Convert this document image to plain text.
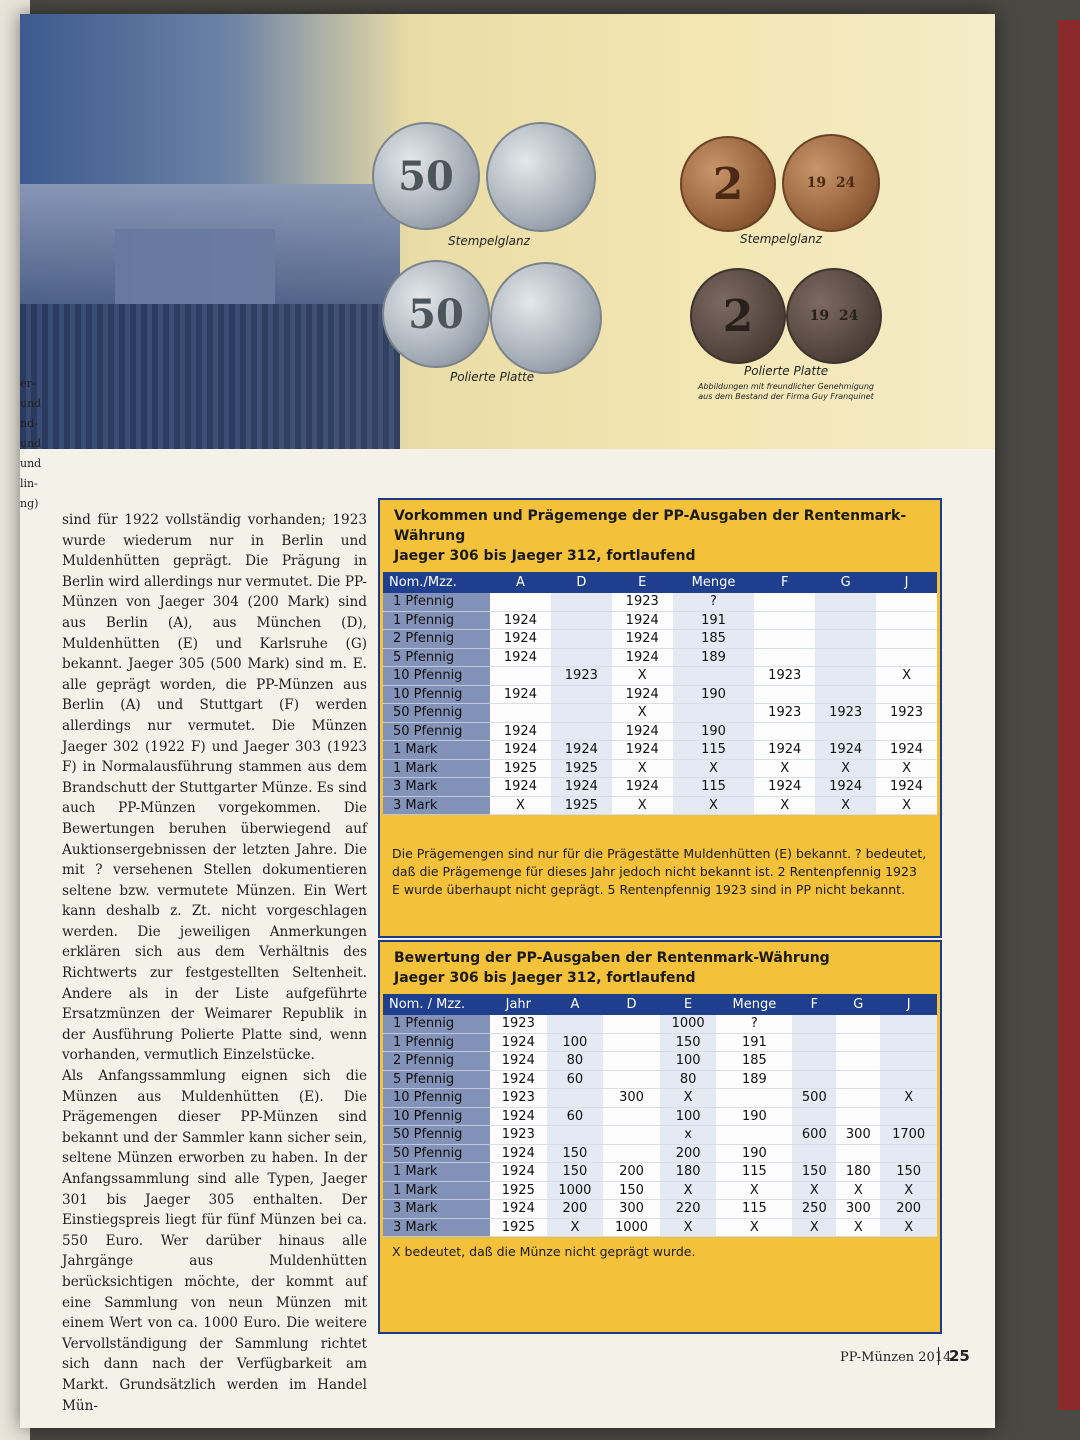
50
Stempelglanz
50
Polierte Platte
2	19
24
Stempelglanz
2	19
24
Polierte Platte
Abbildungen mit freundlicher Genehmigung aus dem Bestand der Firma Guy Franquinet
er-
und
nd-
und
und
lin-
ng)

sind für 1922 vollständig vorhanden; 1923 wurde wiederum nur in Berlin und Muldenhütten geprägt. Die Prägung in Berlin wird allerdings nur vermutet. Die PP-Münzen von Jaeger 304 (200 Mark) sind aus Berlin (A), aus München (D), Muldenhütten (E) und Karlsruhe (G) bekannt. Jaeger 305 (500 Mark) sind m. E. alle geprägt worden, die PP-Münzen aus Berlin (A) und Stuttgart (F) werden allerdings nur vermutet. Die Münzen Jaeger 302 (1922 F) und Jaeger 303 (1923 F) in Normalausführung stammen aus dem Brandschutt der Stuttgarter Münze. Es sind auch PP-Münzen vorgekommen. Die Bewertungen beruhen überwiegend auf Auktionsergebnissen der letzten Jahre. Die mit ? versehenen Stellen dokumentieren seltene bzw. vermutete Münzen. Ein Wert kann deshalb z. Zt. nicht vorgeschlagen werden. Die jeweiligen Anmerkungen erklären sich aus dem Verhältnis des Richtwerts zur festgestellten Seltenheit. Andere als in der Liste aufgeführte Ersatzmünzen der Weimarer Republik in der Ausführung Polierte Platte sind, wenn vorhanden, vermutlich Einzelstücke.

Als Anfangssammlung eignen sich die Münzen aus Muldenhütten (E). Die Prägemengen dieser PP-Münzen sind bekannt und der Sammler kann sicher sein, seltene Münzen erworben zu haben. In der Anfangssammlung sind alle Typen, Jaeger 301 bis Jaeger 305 enthalten. Der Einstiegspreis liegt für fünf Münzen bei ca. 550 Euro. Wer darüber hinaus alle Jahrgänge aus Muldenhütten berücksichtigen möchte, der kommt auf eine Sammlung von neun Münzen mit einem Wert von ca. 1000 Euro. Die weitere Vervollständigung der Sammlung richtet sich dann nach der Verfügbarkeit am Markt. Grundsätzlich werden im Handel Mün-

Vorkommen und Prägemenge der PP-Ausgaben der Rentenmark-Währung
Jaeger 306 bis Jaeger 312, fortlaufend
Nom./Mzz.	A	D	E	Menge	F	G	J
1 Pfennig			1923	?			
1 Pfennig	1924		1924	191			
2 Pfennig	1924		1924	185			
5 Pfennig	1924		1924	189			
10 Pfennig		1923	X		1923		X
10 Pfennig	1924		1924	190			
50 Pfennig			X		1923	1923	1923
50 Pfennig	1924		1924	190			
1 Mark	1924	1924	1924	115	1924	1924	1924
1 Mark	1925	1925	X	X	X	X	X
3 Mark	1924	1924	1924	115	1924	1924	1924
3 Mark	X	1925	X	X	X	X	X
Die Prägemengen sind nur für die Prägestätte Muldenhütten (E) bekannt. ? bedeutet, daß die Prägemenge für dieses Jahr jedoch nicht bekannt ist. 2 Rentenpfennig 1923 E wurde überhaupt nicht geprägt. 5 Rentenpfennig 1923 sind in PP nicht bekannt.
Bewertung der PP-Ausgaben der Rentenmark-Währung
Jaeger 306 bis Jaeger 312, fortlaufend
Nom. / Mzz.	Jahr	A	D	E	Menge	F	G	J
1 Pfennig	1923			1000	?			
1 Pfennig	1924	100		150	191			
2 Pfennig	1924	80		100	185			
5 Pfennig	1924	60		80	189			
10 Pfennig	1923		300	X		500		X
10 Pfennig	1924	60		100	190			
50 Pfennig	1923			x		600	300	1700
50 Pfennig	1924	150		200	190			
1 Mark	1924	150	200	180	115	150	180	150
1 Mark	1925	1000	150	X	X	X	X	X
3 Mark	1924	200	300	220	115	250	300	200
3 Mark	1925	X	1000	X	X	X	X	X
X bedeutet, daß die Münze nicht geprägt wurde.
PP-Münzen 2014
25
